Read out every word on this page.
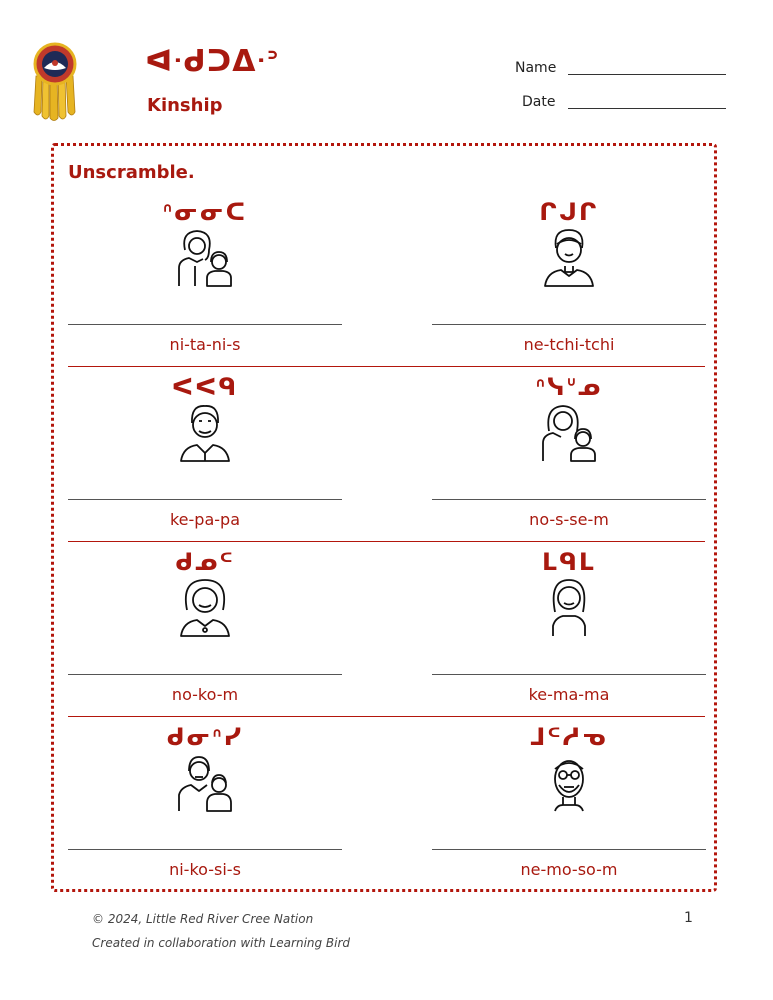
ᐊᐧᑯᑐᐃᐧᐣ
Kinship
Name
Date
Unscramble.
ᐢᓂᓂᑕ
ni-ta-ni-s
ᒋᒍᒋ
ne-tchi-tchi
ᐸᐸᑫ
ke-pa-pa
ᐢᓭᐡᓄ
no-s-se-m
ᑯᓄᒼ
no-ko-m
ᒪᑫᒪ
ke-ma-ma
ᑯᓂᐢᓯ
ni-ko-si-s
ᒧᒼᓱᓀ
ne-mo-so-m
© 2024, Little Red River Cree Nation
Created in collaboration with Learning Bird
1
